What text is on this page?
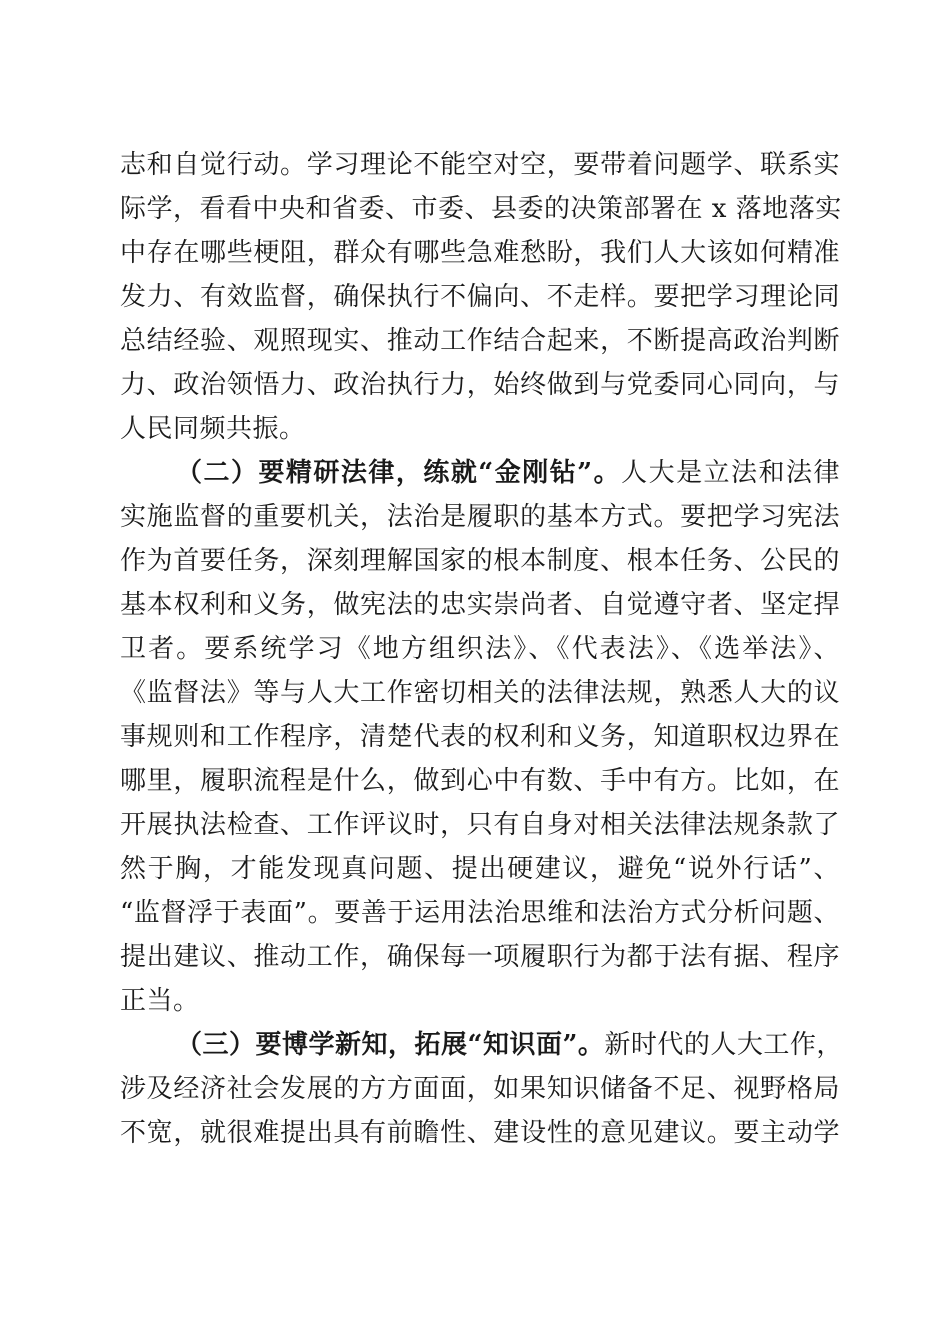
志和自觉行动。学习理论不能空对空，要带着问题学、联系实
际学，看看中央和省委、市委、县委的决策部署在 x 落地落实
中存在哪些梗阻，群众有哪些急难愁盼，我们人大该如何精准
发力、有效监督，确保执行不偏向、不走样。要把学习理论同
总结经验、观照现实、推动工作结合起来，不断提高政治判断
力、政治领悟力、政治执行力，始终做到与党委同心同向，与
人民同频共振。
（二）要精研法律，练就“金刚钻”。人大是立法和法律
实施监督的重要机关，法治是履职的基本方式。要把学习宪法
作为首要任务，深刻理解国家的根本制度、根本任务、公民的
基本权利和义务，做宪法的忠实崇尚者、自觉遵守者、坚定捍
卫者。要系统学习《地方组织法》、《代表法》、《选举法》、
《监督法》等与人大工作密切相关的法律法规，熟悉人大的议
事规则和工作程序，清楚代表的权利和义务，知道职权边界在
哪里，履职流程是什么，做到心中有数、手中有方。比如，在
开展执法检查、工作评议时，只有自身对相关法律法规条款了
然于胸，才能发现真问题、提出硬建议，避免“说外行话”、
“监督浮于表面”。要善于运用法治思维和法治方式分析问题、
提出建议、推动工作，确保每一项履职行为都于法有据、程序
正当。
（三）要博学新知，拓展“知识面”。新时代的人大工作，
涉及经济社会发展的方方面面，如果知识储备不足、视野格局
不宽，就很难提出具有前瞻性、建设性的意见建议。要主动学
